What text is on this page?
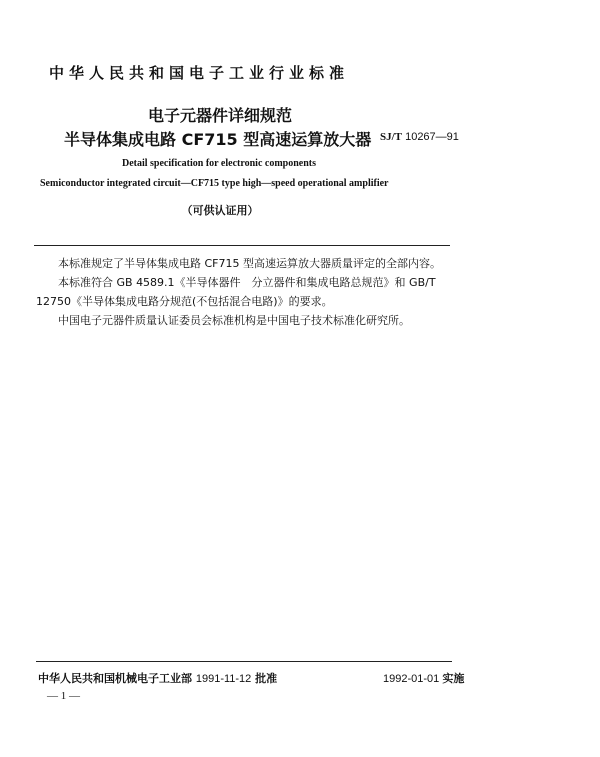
中华人民共和国电子工业行业标准
电子元器件详细规范
半导体集成电路 CF715 型高速运算放大器 SJ/T 10267—91
Detail specification for electronic components
Semiconductor integrated circuit—CF715 type high—speed operational amplifier
（可供认证用）

本标准规定了半导体集成电路 CF715 型高速运算放大器质量评定的全部内容。

本标准符合 GB 4589.1《半导体器件　分立器件和集成电路总规范》和 GB/T 12750《半导体集成电路分规范(不包括混合电路)》的要求。

中国电子元器件质量认证委员会标准机构是中国电子技术标准化研究所。

中华人民共和国机械电子工业部 1991-11-12 批准	1992-01-01 实施
— 1 —
